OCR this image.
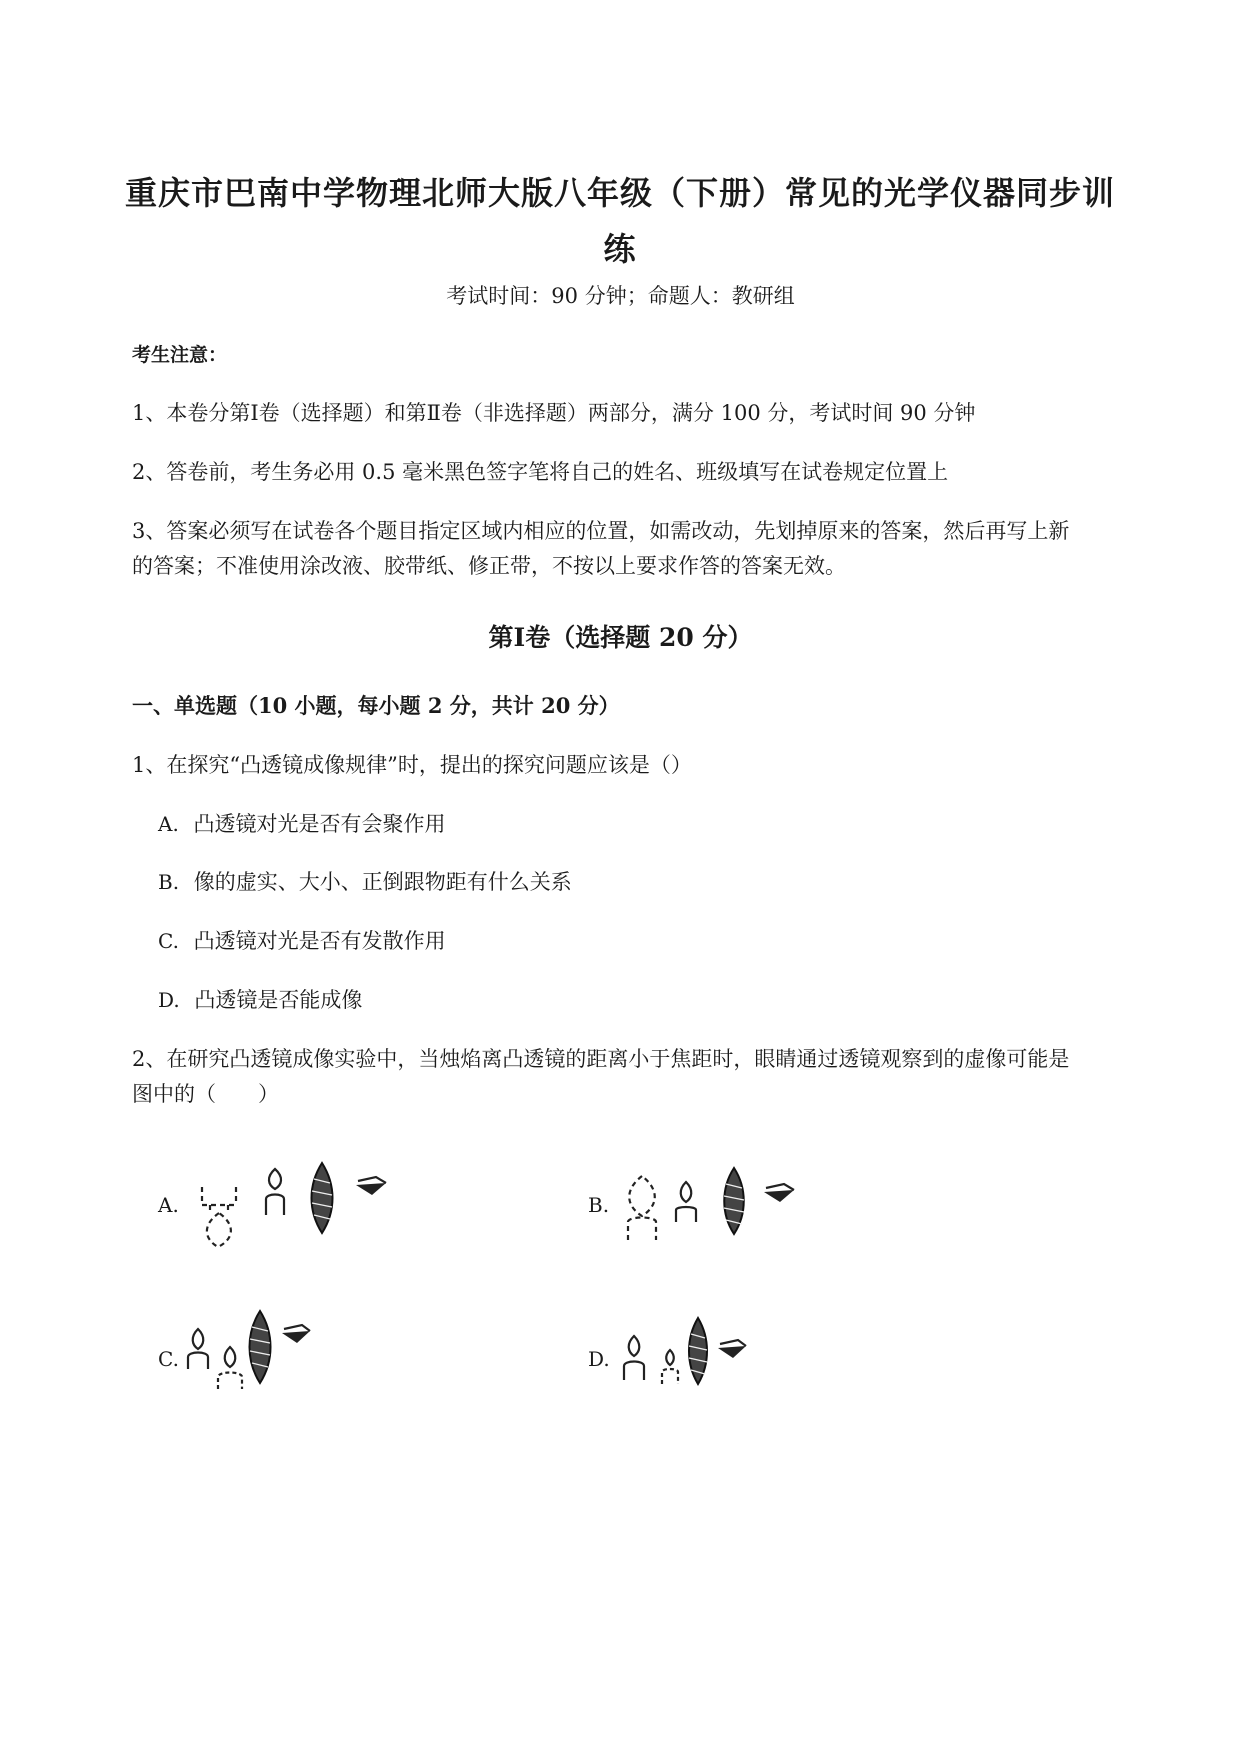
重庆市巴南中学物理北师大版八年级（下册）常见的光学仪器同步训
练
考试时间：90 分钟；命题人：教研组
考生注意：
1、本卷分第Ⅰ卷（选择题）和第Ⅱ卷（非选择题）两部分，满分 100 分，考试时间 90 分钟
2、答卷前，考生务必用 0.5 毫米黑色签字笔将自己的姓名、班级填写在试卷规定位置上
3、答案必须写在试卷各个题目指定区域内相应的位置，如需改动，先划掉原来的答案，然后再写上新
的答案；不准使用涂改液、胶带纸、修正带，不按以上要求作答的答案无效。
第Ⅰ卷（选择题 20 分）
一、单选题（10 小题，每小题 2 分，共计 20 分）
1、在探究“凸透镜成像规律”时，提出的探究问题应该是（）
A. 凸透镜对光是否有会聚作用
B. 像的虚实、大小、正倒跟物距有什么关系
C. 凸透镜对光是否有发散作用
D. 凸透镜是否能成像
2、在研究凸透镜成像实验中，当烛焰离凸透镜的距离小于焦距时，眼睛通过透镜观察到的虚像可能是
图中的（　　）
A.	B.
C.	D.
